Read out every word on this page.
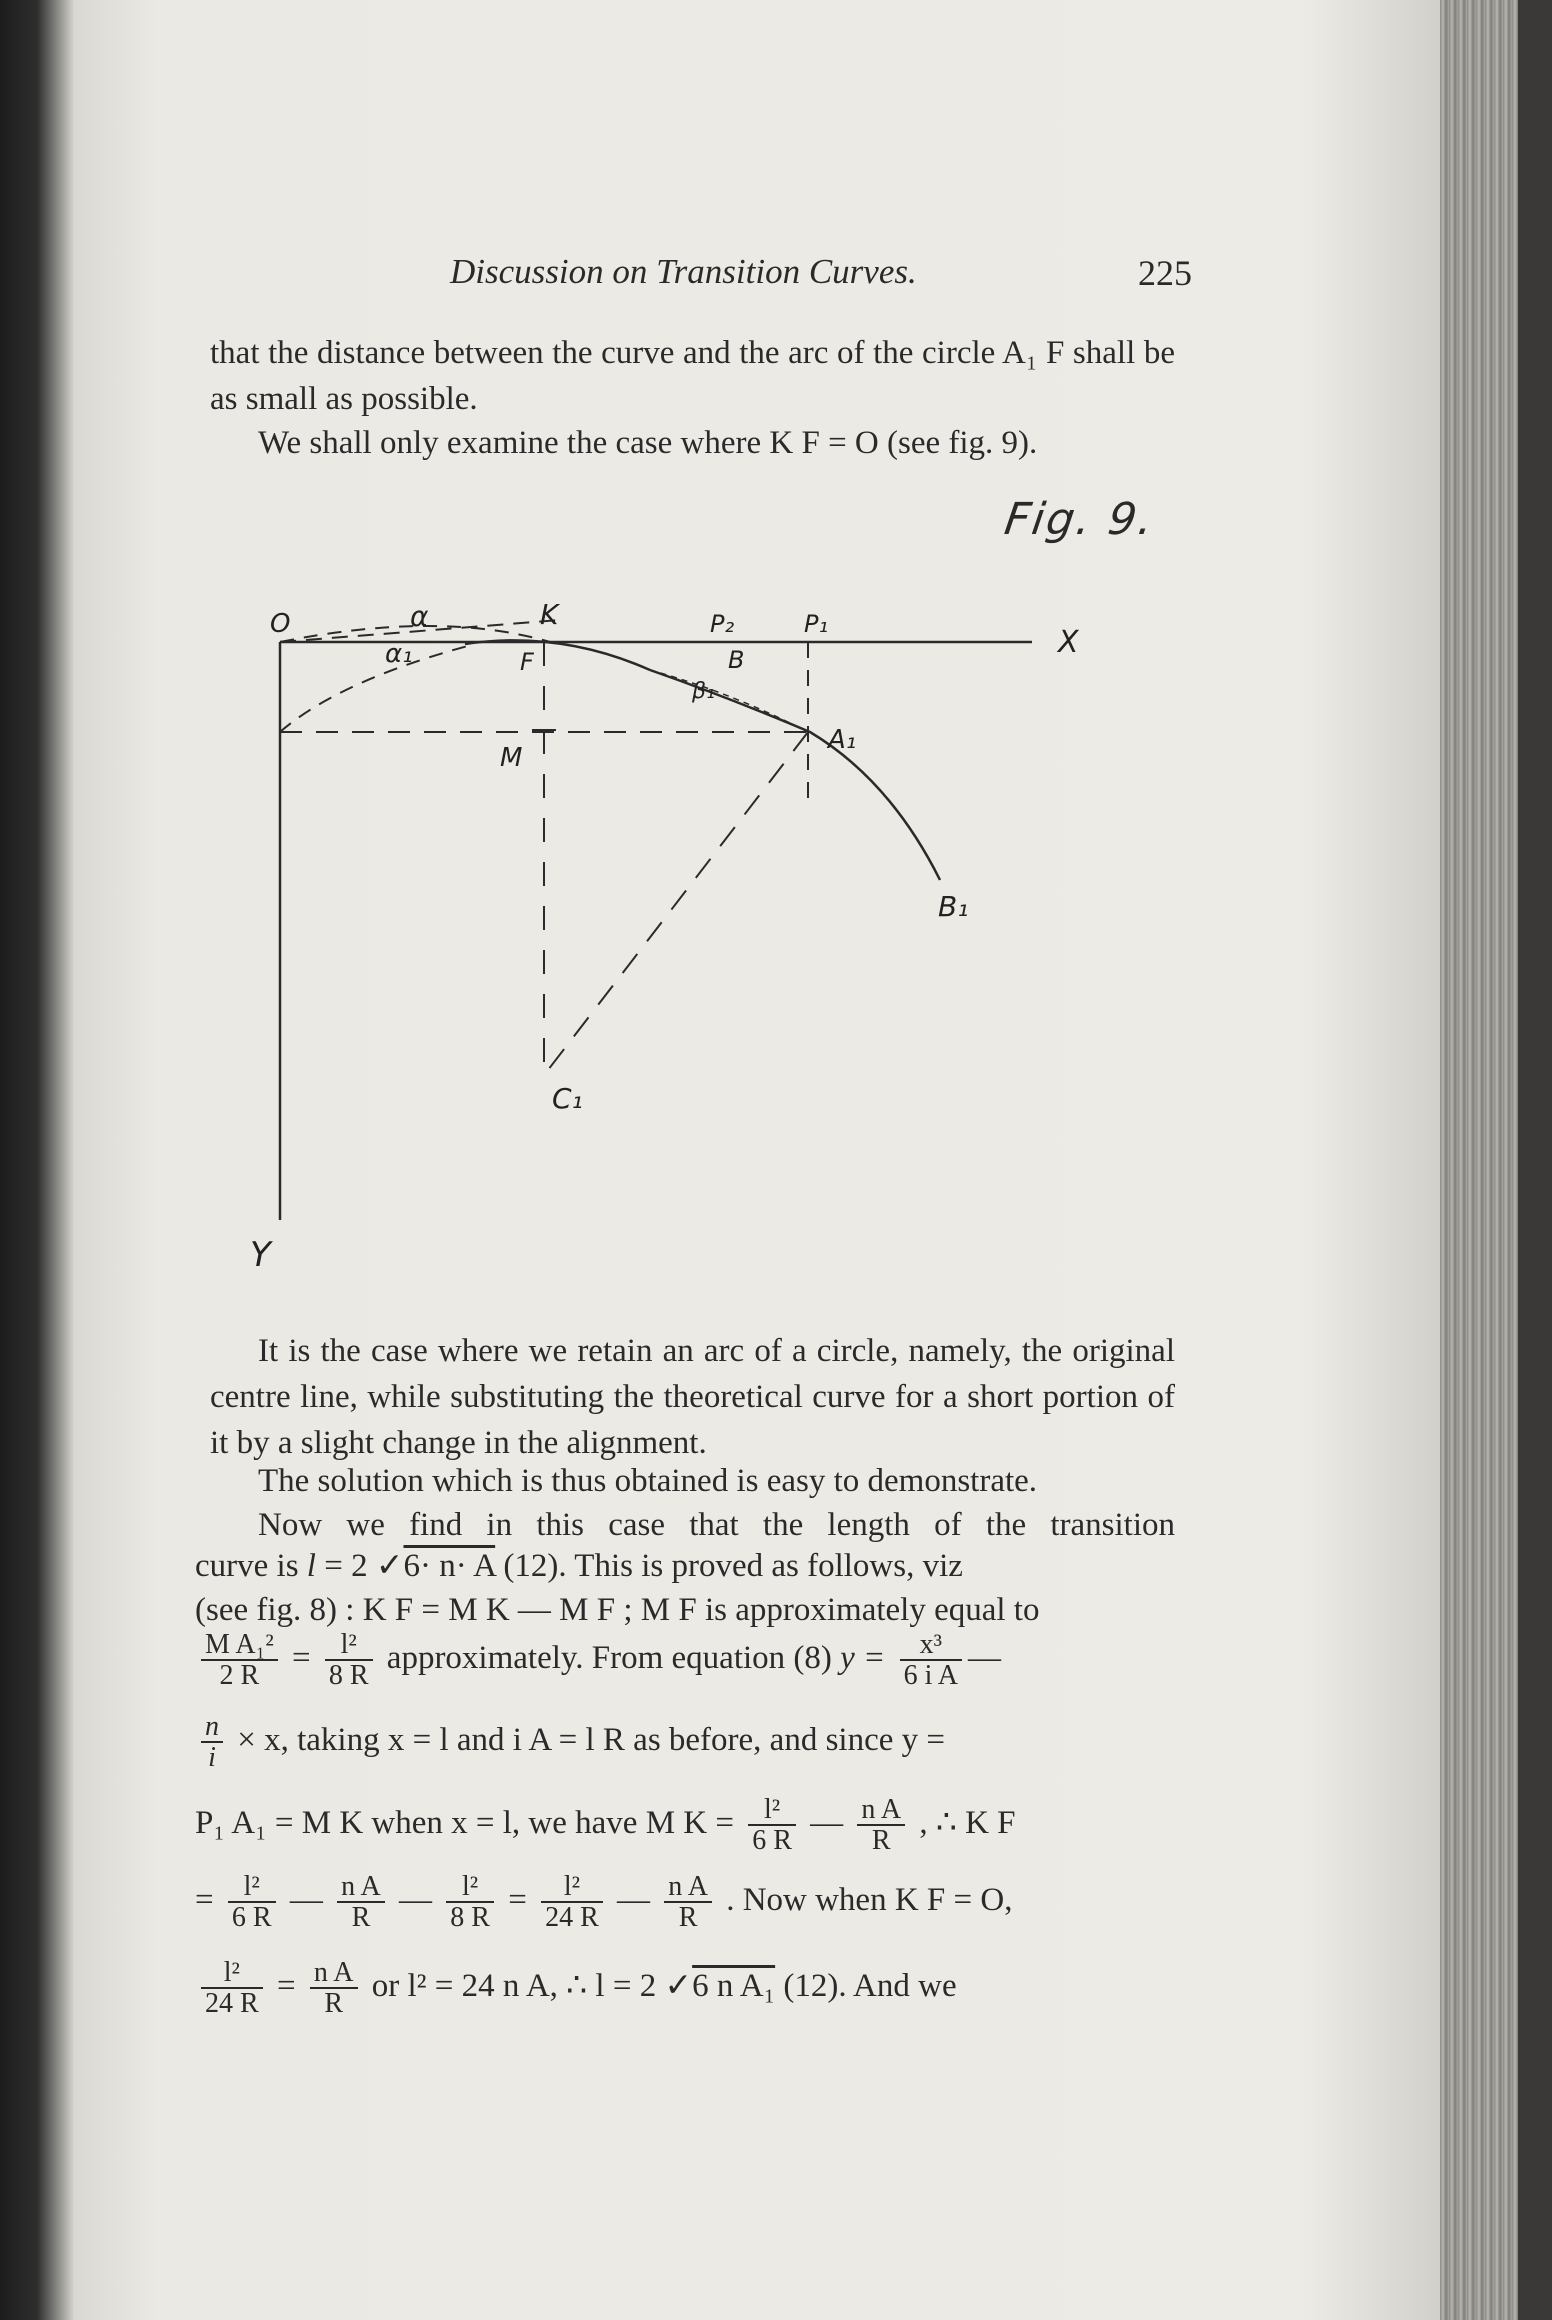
Discussion on Transition Curves.	225
that the distance between the curve and the arc of the circle A₁ F shall be as small as possible.
We shall only examine the case where K F = O (see fig. 9).
Fig. 9.
O	α
α₁
K
F
P₂	P₁
X
B
β₁
A₁
M
B₁
C₁
Y
It is the case where we retain an arc of a circle, namely, the original centre line, while substituting the theoretical curve for a short portion of it by a slight change in the alignment.
The solution which is thus obtained is easy to demonstrate.
Now we find in this case that the length of the transition
curve is l = 2 ✓6· n· A (12). This is proved as follows, viz
(see fig. 8) : K F = M K — M F ; M F is approximately equal to
$\frac{\text{M A₁²}}{2 R} = \frac{\text{l²}}{8 R}$ approximately. From equation (8) $y = \frac{\text{x³}}{\text{6 i A}}$ —
$\frac{n}{i} \times x$, taking x = l and i A = l R as before, and since y =
P₁ A₁ = M K when x = l, we have M $K = \frac{\text{l²}}{6 R}$ — $\frac{\text{n A}}{R}$ , ∴ K F
= $\frac{\text{l²}}{6 R}$ — $\frac{\text{n A}}{R}$ — $\frac{\text{l²}}{8 R} = \frac{\text{l²}}{24 R}$ — $\frac{\text{n A}}{R}$ . Now when K F = O,
$\frac{\text{l²}}{24 R} = \frac{\text{n A}}{R}$ or l² = 24 n A, ∴ l = 2 ✓6 n A₁ (12). And we
